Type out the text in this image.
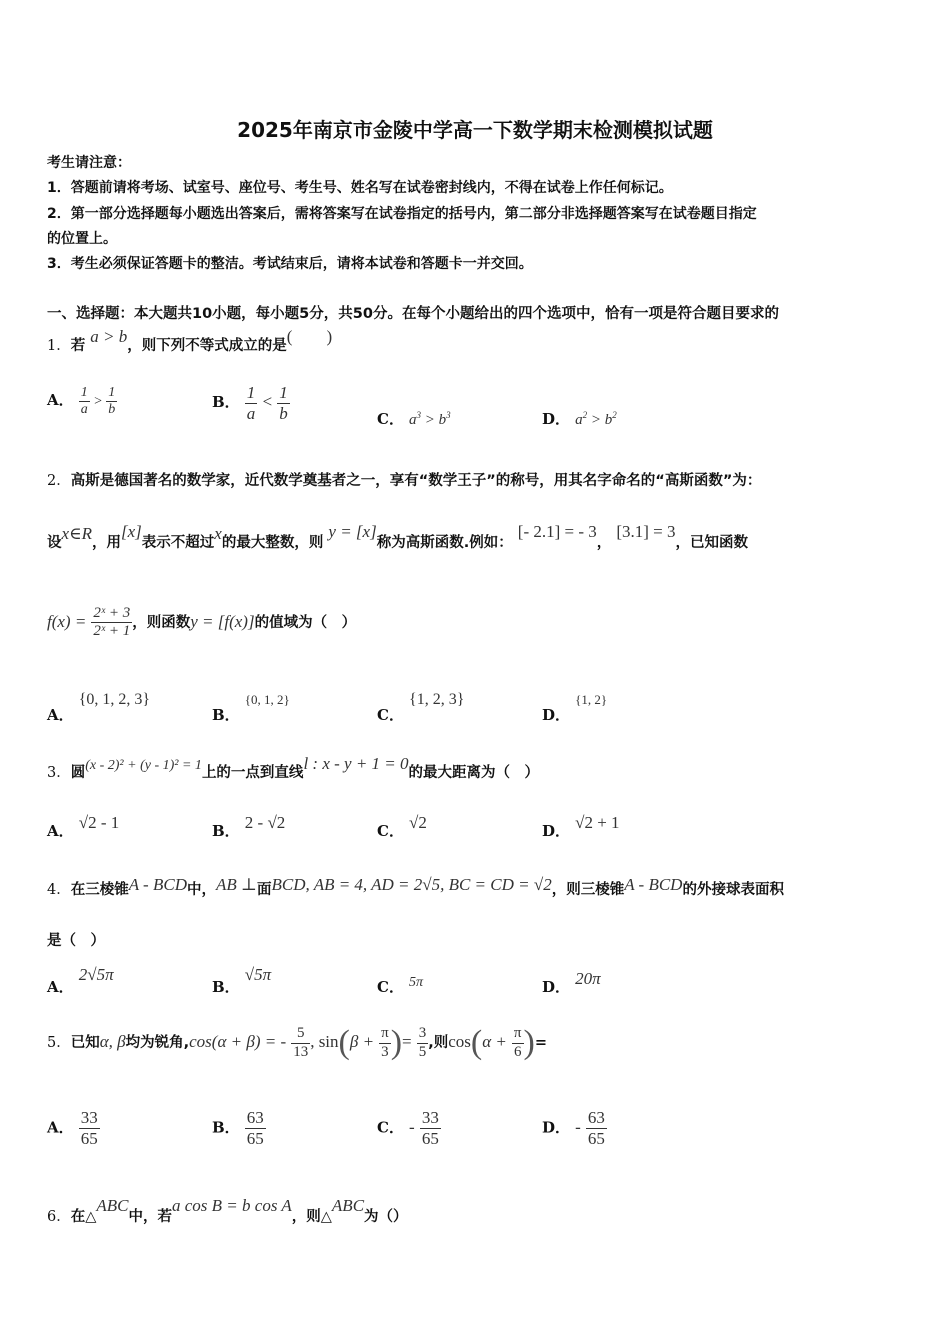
2025年南京市金陵中学高一下数学期末检测模拟试题
考生请注意：
1．答题前请将考场、试室号、座位号、考生号、姓名写在试卷密封线内，不得在试卷上作任何标记。
2．第一部分选择题每小题选出答案后，需将答案写在试卷指定的括号内，第二部分非选择题答案写在试卷题目指定
的位置上。
3．考生必须保证答题卡的整洁。考试结束后，请将本试卷和答题卡一并交回。
一、选择题：本大题共10小题，每小题5分，共50分。在每个小题给出的四个选项中，恰有一项是符合题目要求的
1．若 a > b，则下列不等式成立的是(　　)
A． $\frac{1}{a} > \frac{1}{b}$	B． $\frac{1}{a} < \frac{1}{b}$	C． $a^3 > b^3$	D． $a^2 > b^2$
2．高斯是德国著名的数学家，近代数学奠基者之一，享有“数学王子”的称号，用其名字命名的“高斯函数”为：
设x∈R，用[x]表示不超过x的最大整数，则 y = [x]称为高斯函数.例如： [- 2.1] = - 3， [3.1] = 3，已知函数
$f(x) = \frac{\text{2ˣ + 3}}{\text{2ˣ + 1}}$ ，则函数y = [f(x)]的值域为（　）
A． {0, 1, 2, 3}
B． {0, 1, 2}
C． {1, 2, 3}
D． {1, 2}
3．圆(x - 2)² + (y - 1)² = 1上的一点到直线l : x - y + 1 = 0的最大距离为（　）
A． √2 - 1	B． 2 - √2	C． √2	D． √2 + 1
4．在三棱锥A - BCD中，AB ⊥面BCD, AB = 4, AD = 2√5, BC = CD = √2，则三棱锥A - BCD的外接球表面积
是（　）
A． 2√5π
B． √5π
C． 5π	D． 20π
5．已知α, β均为锐角,cos(α + β) = - $\frac{5}{13}$ , $\sin(\beta + \frac{\pi}{3}$ )= $\frac{3}{5}$ ,则$\cos(\alpha + \frac{\pi}{6}$ )=
A． $\frac{33}{65}$	B． $\frac{63}{65}$	C． - $\frac{33}{65}$	D． - $\frac{63}{65}$
6．在△ABC中，若a cos B = b cos A，则△ABC为（）
